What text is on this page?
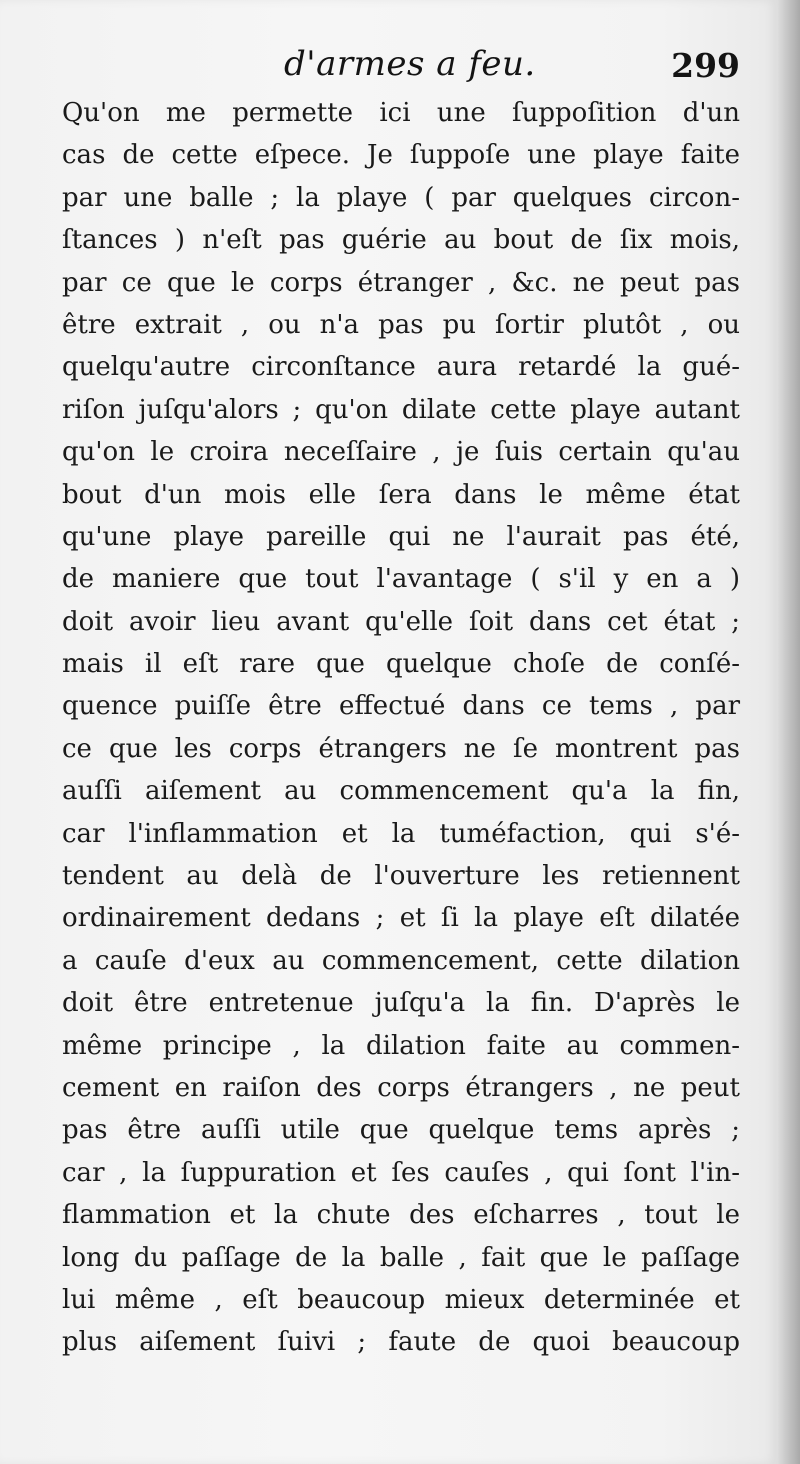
d'armes a feu.	299
Qu'on me permette ici une ſuppoſition d'un
cas de cette eſpece. Je ſuppoſe une playe faite
par une balle ; la playe ( par quelques circon-
ſtances ) n'eſt pas guérie au bout de ſix mois,
par ce que le corps étranger , &c. ne peut pas
être extrait , ou n'a pas pu ſortir plutôt , ou
quelqu'autre circonſtance aura retardé la gué-
riſon juſqu'alors ; qu'on dilate cette playe autant
qu'on le croira neceſſaire , je ſuis certain qu'au
bout d'un mois elle ſera dans le même état
qu'une playe pareille qui ne l'aurait pas été,
de maniere que tout l'avantage ( s'il y en a )
doit avoir lieu avant qu'elle ſoit dans cet état ;
mais il eſt rare que quelque choſe de conſé-
quence puiſſe être effectué dans ce tems , par
ce que les corps étrangers ne ſe montrent pas
auſſi aiſement au commencement qu'a la fin,
car l'inflammation et la tuméfaction, qui s'é-
tendent au delà de l'ouverture les retiennent
ordinairement dedans ; et ſi la playe eſt dilatée
a cauſe d'eux au commencement, cette dilation
doit être entretenue juſqu'a la fin. D'après le
même principe , la dilation faite au commen-
cement en raiſon des corps étrangers , ne peut
pas être auſſi utile que quelque tems après ;
car , la ſuppuration et ſes cauſes , qui ſont l'in-
flammation et la chute des eſcharres , tout le
long du paſſage de la balle , fait que le paſſage
lui même , eſt beaucoup mieux determinée et
plus aiſement ſuivi ; faute de quoi beaucoup
